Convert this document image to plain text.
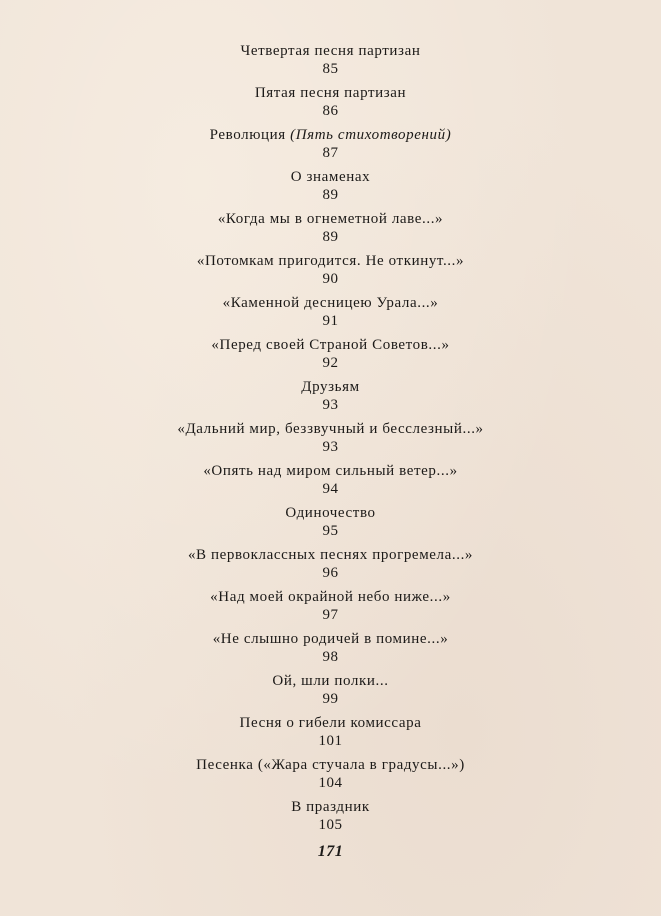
Четвертая песня партизан
85
Пятая песня партизан
86
Революция (Пять стихотворений)
87
О знаменах
89
«Когда мы в огнеметной лаве...»
89
«Потомкам пригодится. Не откинут...»
90
«Каменной десницею Урала...»
91
«Перед своей Страной Советов...»
92
Друзьям
93
«Дальний мир, беззвучный и бесслезный...»
93
«Опять над миром сильный ветер...»
94
Одиночество
95
«В первоклассных песнях прогремела...»
96
«Над моей окрайной небо ниже...»
97
«Не слышно родичей в помине...»
98
Ой, шли полки...
99
Песня о гибели комиссара
101
Песенка («Жара стучала в градусы...»)
104
В праздник
105
171
